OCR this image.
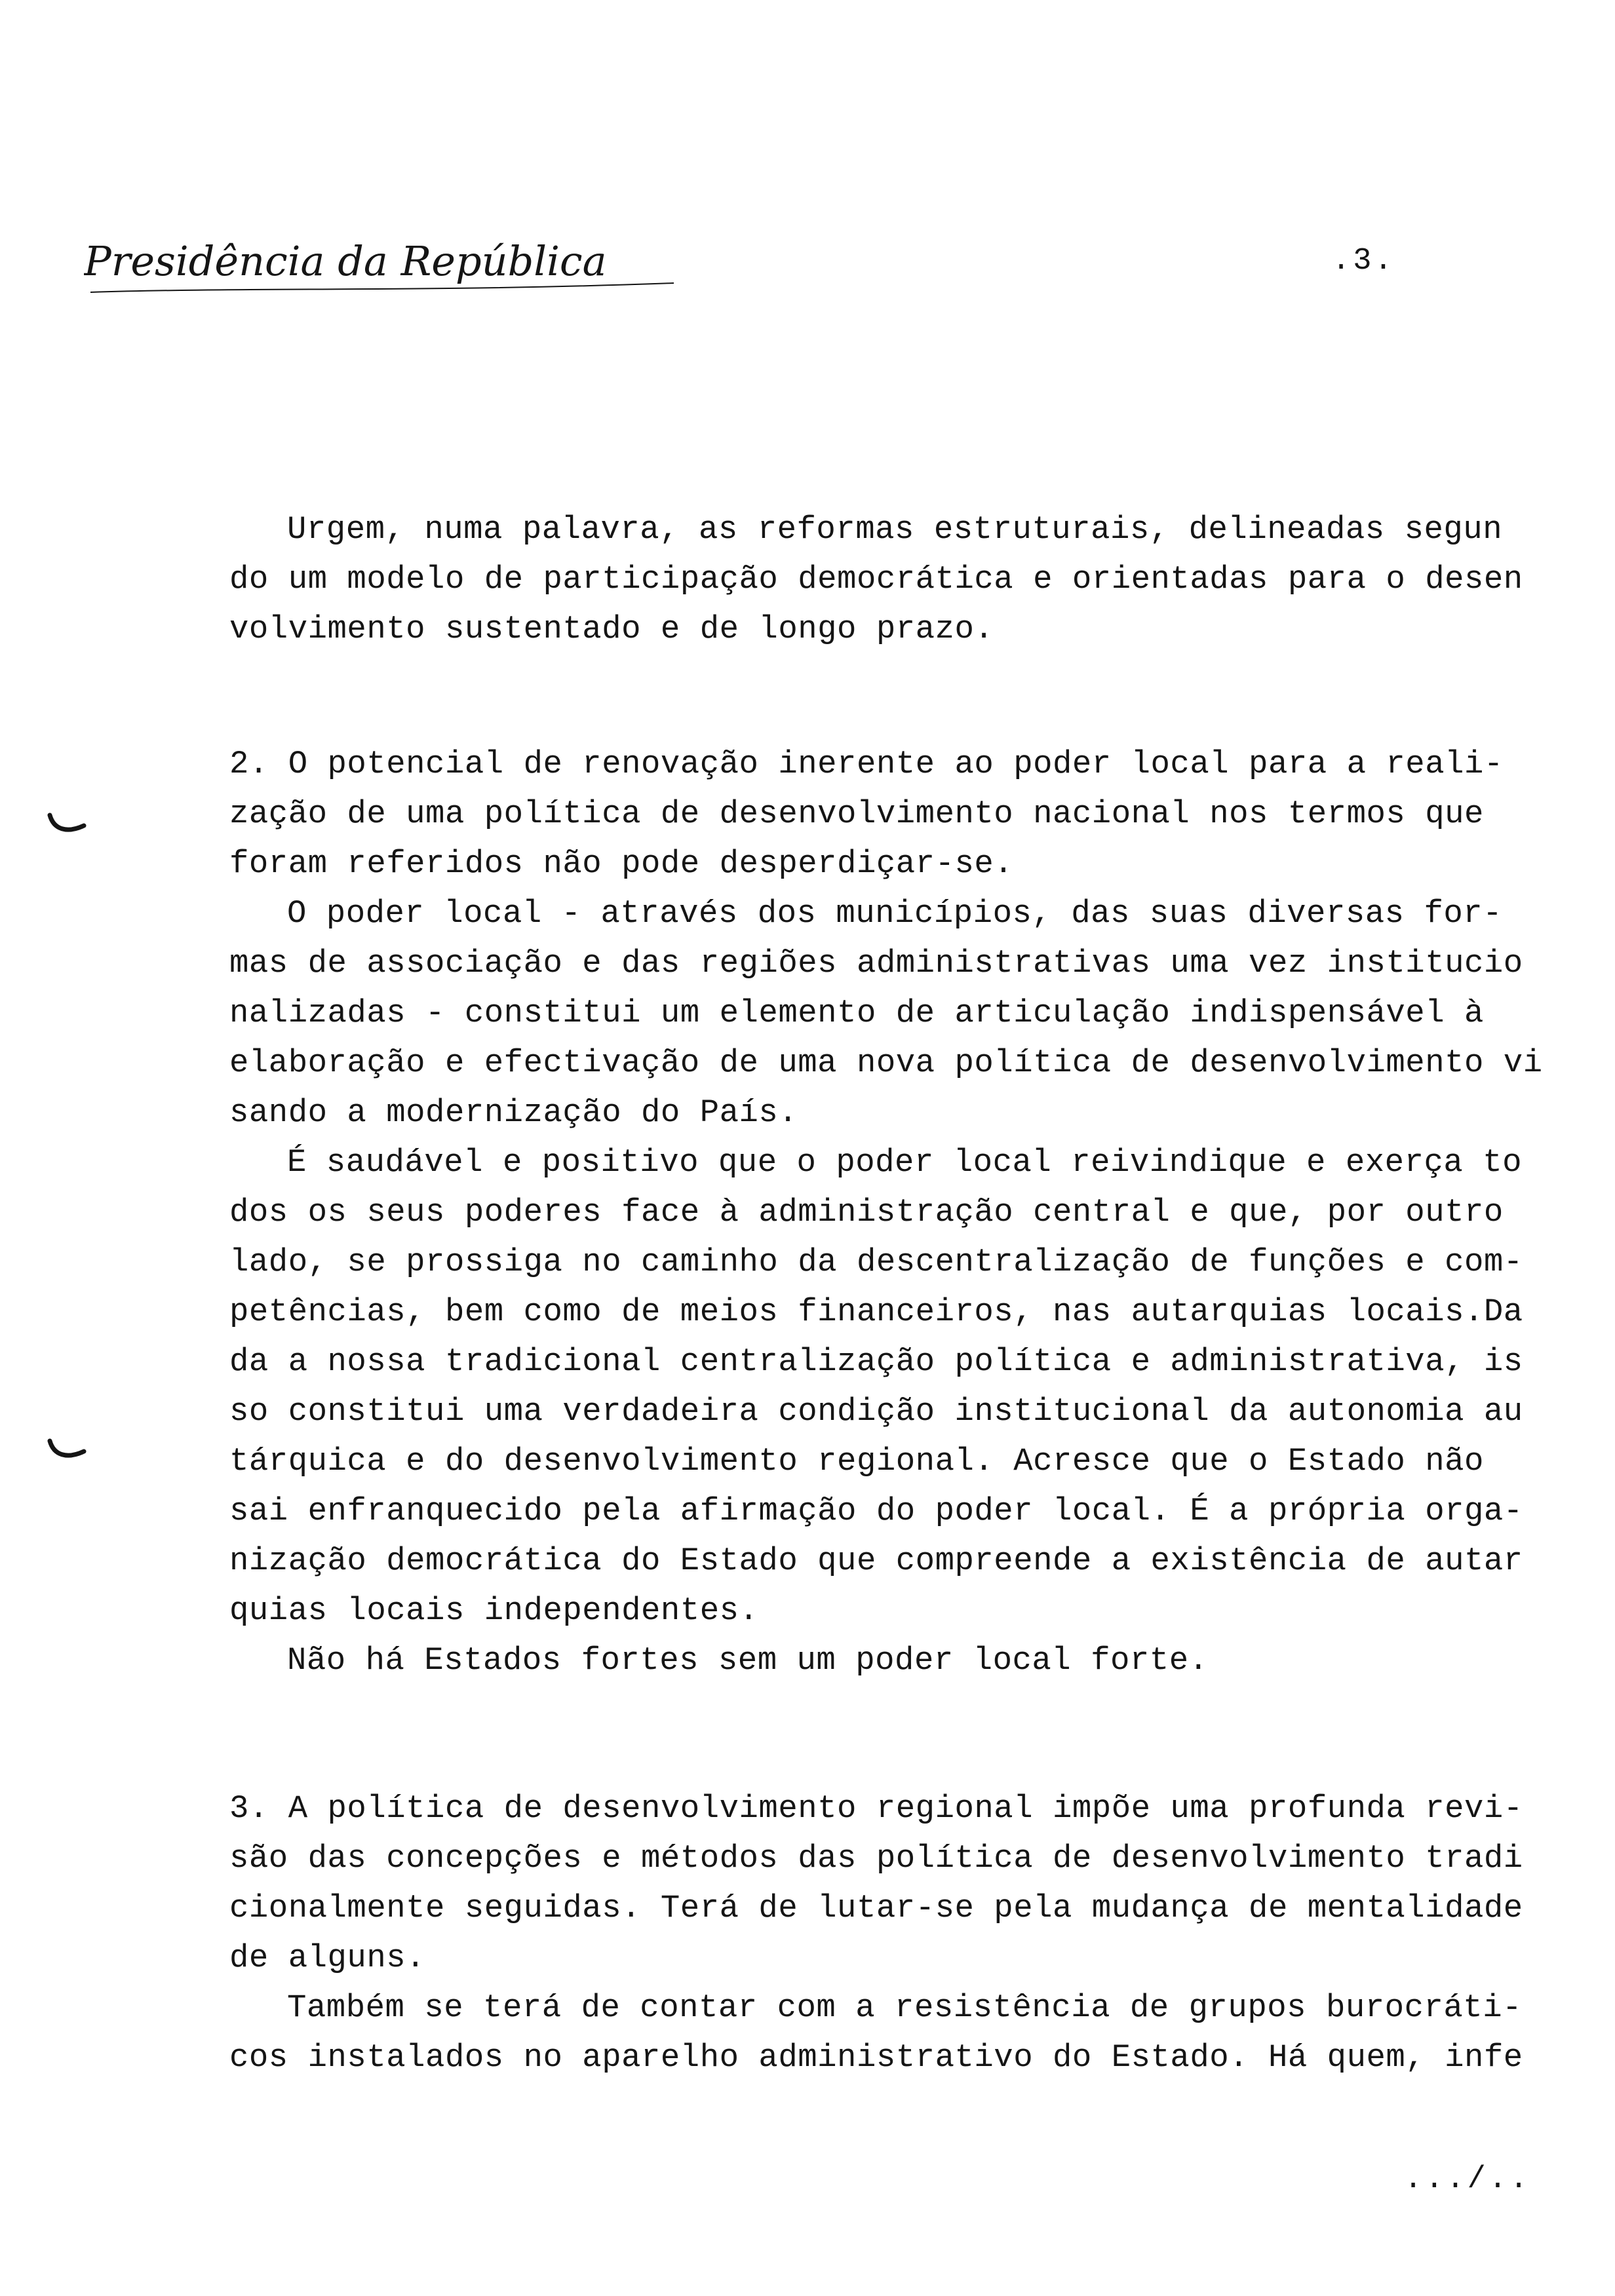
Presidência da República	.3.
Urgem, numa palavra, as reformas estruturais, delineadas segun
do um modelo de participação democrática e orientadas para o desen
volvimento sustentado e de longo prazo.
2. O potencial de renovação inerente ao poder local para a reali-
zação de uma política de desenvolvimento nacional nos termos que
foram referidos não pode desperdiçar-se.
O poder local - através dos municípios, das suas diversas for-
mas de associação e das regiões administrativas uma vez institucio
nalizadas - constitui um elemento de articulação indispensável à
elaboração e efectivação de uma nova política de desenvolvimento vi
sando a modernização do País.
É saudável e positivo que o poder local reivindique e exerça to
dos os seus poderes face à administração central e que, por outro
lado, se prossiga no caminho da descentralização de funções e com-
petências, bem como de meios financeiros, nas autarquias locais.Da
da a nossa tradicional centralização política e administrativa, is
so constitui uma verdadeira condição institucional da autonomia au
tárquica e do desenvolvimento regional. Acresce que o Estado não
sai enfranquecido pela afirmação do poder local. É a própria orga-
nização democrática do Estado que compreende a existência de autar
quias locais independentes.
Não há Estados fortes sem um poder local forte.
3. A política de desenvolvimento regional impõe uma profunda revi-
são das concepções e métodos das política de desenvolvimento tradi
cionalmente seguidas. Terá de lutar-se pela mudança de mentalidade
de alguns.
Também se terá de contar com a resistência de grupos burocráti-
cos instalados no aparelho administrativo do Estado. Há quem, infe
.../..
